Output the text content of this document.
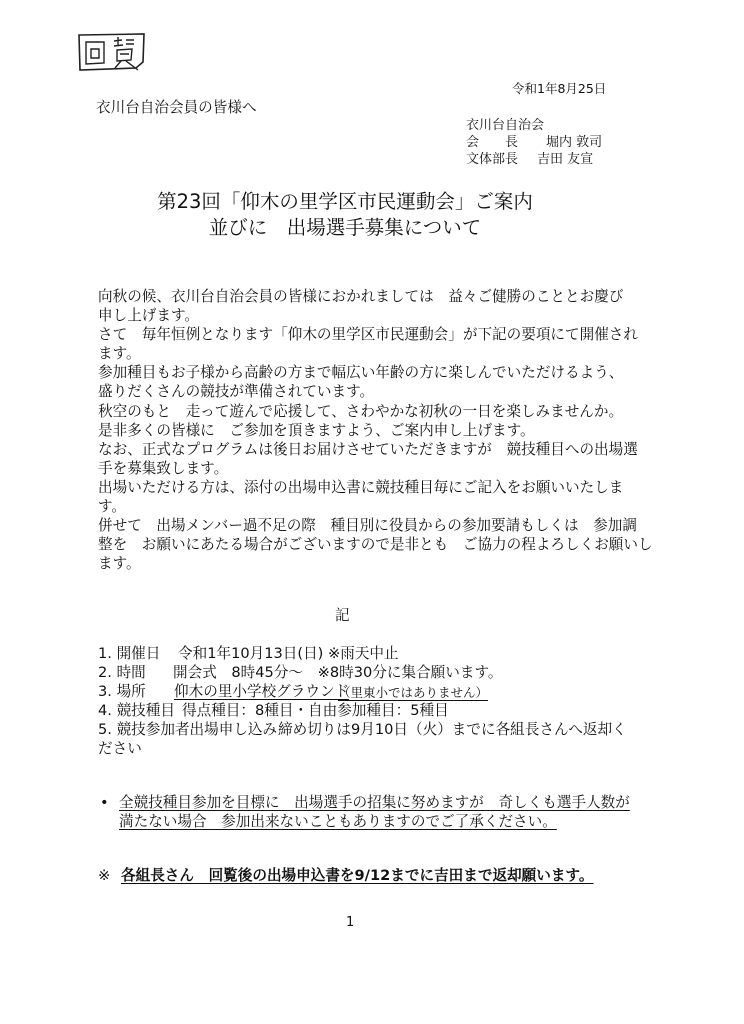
令和1年8月25日
衣川台自治会員の皆様へ
衣川台自治会
会　　長 堀内 敦司
文体部長 吉田 友宣
第23回「仰木の里学区市民運動会」ご案内
並びに　出場選手募集について
向秋の候、衣川台自治会員の皆様におかれましては　益々ご健勝のこととお慶び
申し上げます。
さて　毎年恒例となります「仰木の里学区市民運動会」が下記の要項にて開催され
ます。
参加種目もお子様から高齢の方まで幅広い年齢の方に楽しんでいただけるよう、
盛りだくさんの競技が準備されています。
秋空のもと　走って遊んで応援して、さわやかな初秋の一日を楽しみませんか。
是非多くの皆様に　ご参加を頂きますよう、ご案内申し上げます。
なお、正式なプログラムは後日お届けさせていただきますが　競技種目への出場選
手を募集致します。
出場いただける方は、添付の出場申込書に競技種目毎にご記入をお願いいたしま
す。
併せて　出場メンバー過不足の際　種目別に役員からの参加要請もしくは　参加調
整を　お願いにあたる場合がございますので是非とも　ご協力の程よろしくお願いし
ます。
記
1. 開催日 令和1年10月13日(日) ※雨天中止
2. 時間 開会式　8時45分～　※8時30分に集合願います。
3. 場所 仰木の里小学校グラウンド
（里東小ではありません）
4. 競技種目 得点種目：8種目・自由参加種目：5種目
5. 競技参加者出場申し込み 締め切りは9月10日（火）までに各組長さんへ返却く
ださい
• 全競技種目参加を目標に　出場選手の招集に努めますが　奇しくも選手人数が
満たない場合　参加出来ないこともありますのでご了承ください。
※ 各組長さん　回覧後の出場申込書を9/12までに吉田まで返却願います。
1
